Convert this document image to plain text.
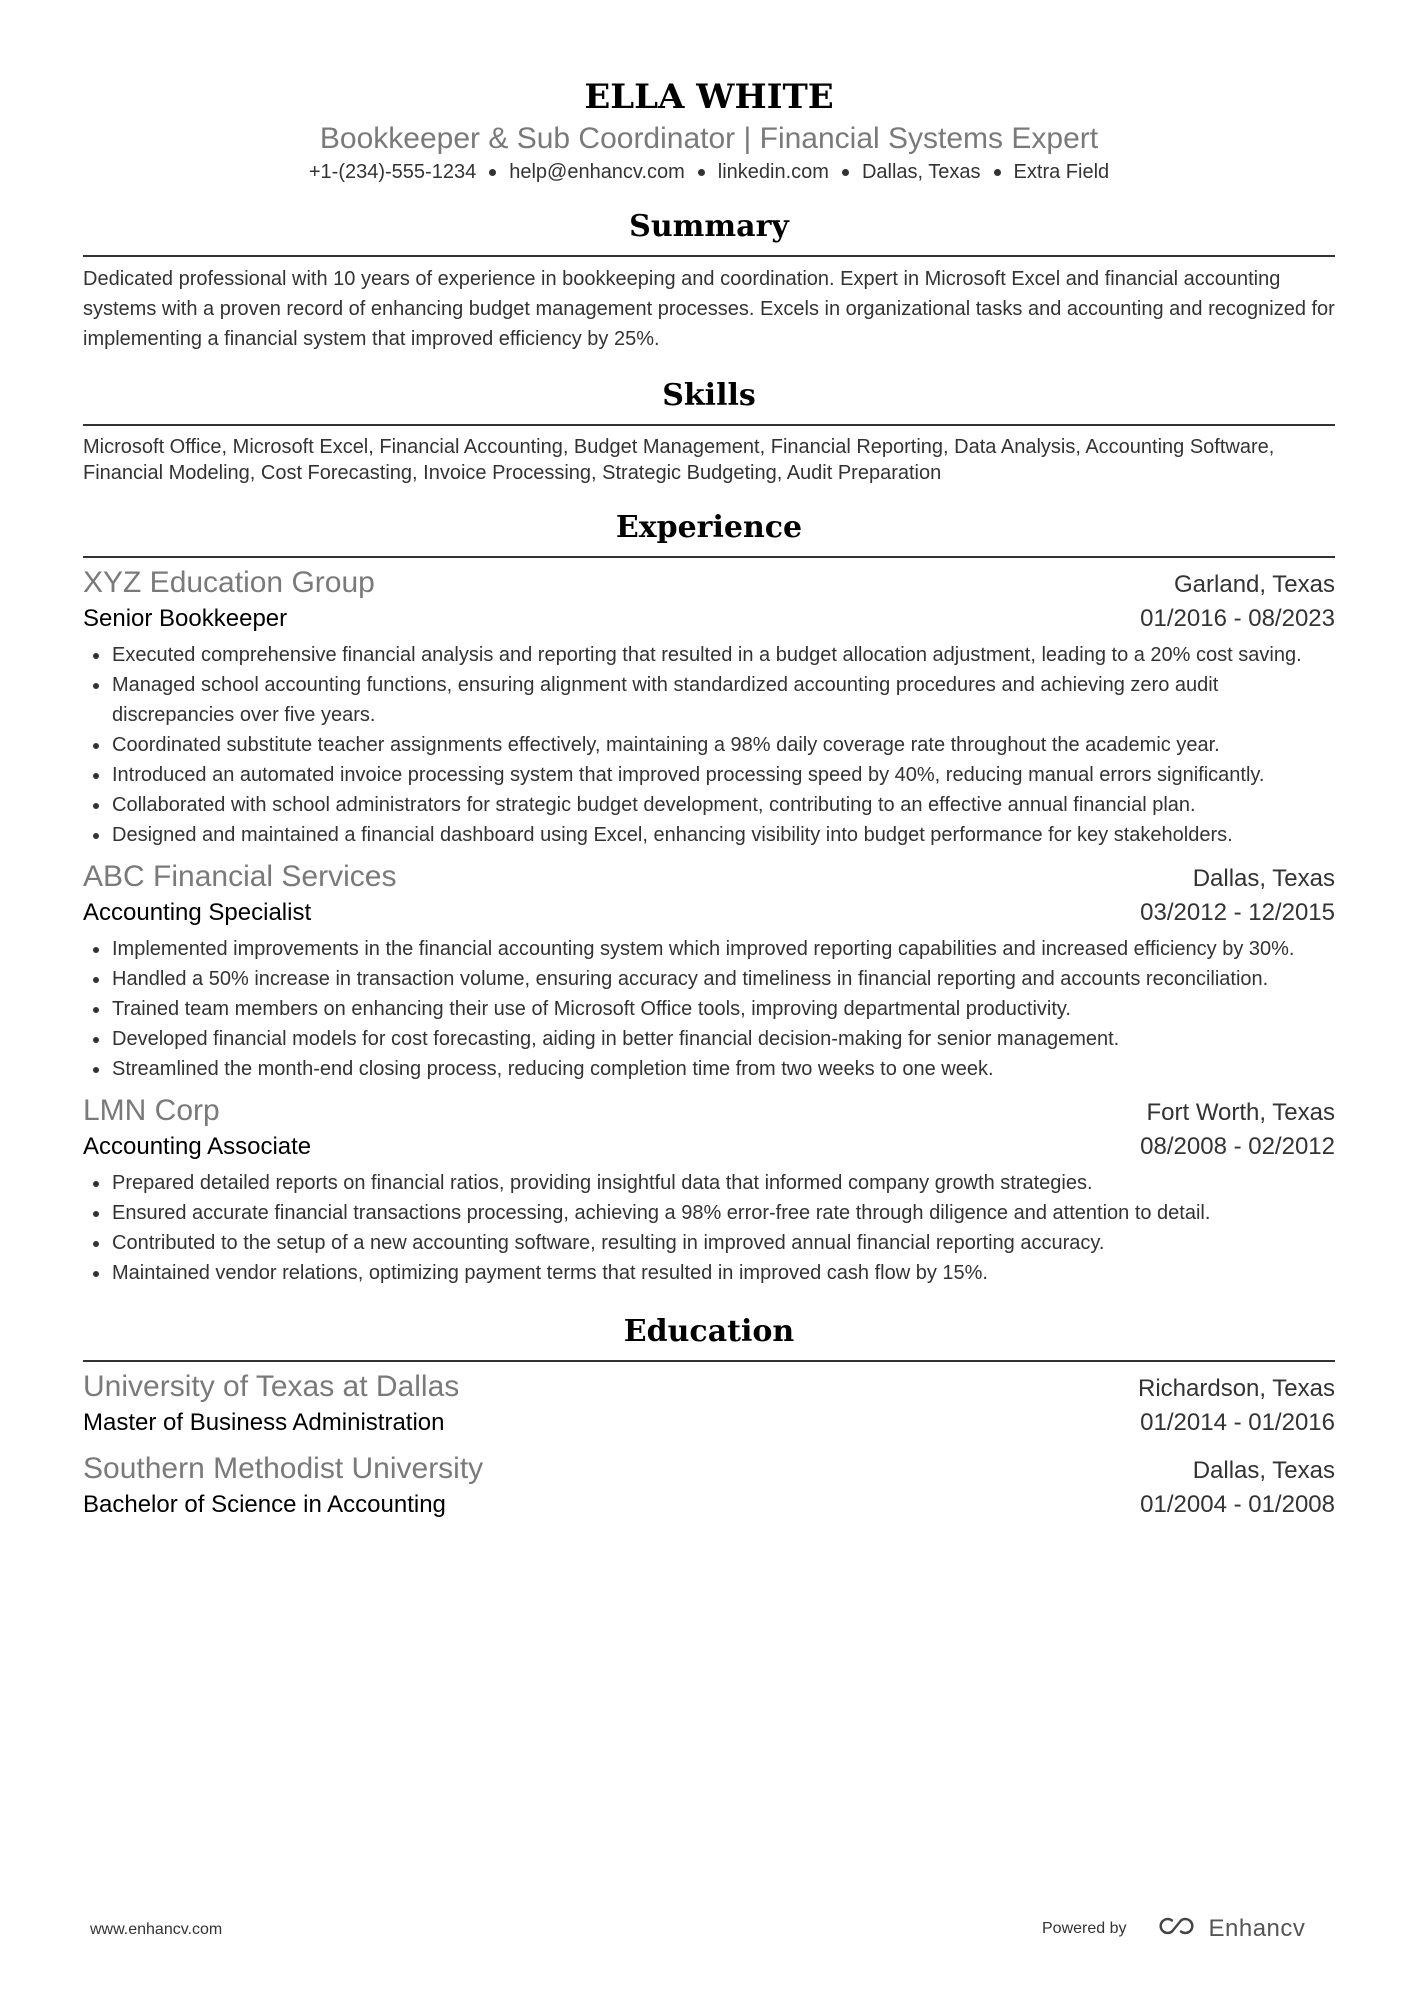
ELLA WHITE
Bookkeeper & Sub Coordinator | Financial Systems Expert
+1-(234)-555-1234 help@enhancv.com linkedin.com Dallas, Texas Extra Field
Summary
Dedicated professional with 10 years of experience in bookkeeping and coordination. Expert in Microsoft Excel and financial accounting systems with a proven record of enhancing budget management processes. Excels in organizational tasks and accounting and recognized for implementing a financial system that improved efficiency by 25%.
Skills
Microsoft Office, Microsoft Excel, Financial Accounting, Budget Management, Financial Reporting, Data Analysis, Accounting Software, Financial Modeling, Cost Forecasting, Invoice Processing, Strategic Budgeting, Audit Preparation
Experience
XYZ Education Group	Garland, Texas
Senior Bookkeeper	01/2016 - 08/2023
Executed comprehensive financial analysis and reporting that resulted in a budget allocation adjustment, leading to a 20% cost saving.
Managed school accounting functions, ensuring alignment with standardized accounting procedures and achieving zero audit discrepancies over five years.
Coordinated substitute teacher assignments effectively, maintaining a 98% daily coverage rate throughout the academic year.
Introduced an automated invoice processing system that improved processing speed by 40%, reducing manual errors significantly.
Collaborated with school administrators for strategic budget development, contributing to an effective annual financial plan.
Designed and maintained a financial dashboard using Excel, enhancing visibility into budget performance for key stakeholders.
ABC Financial Services	Dallas, Texas
Accounting Specialist	03/2012 - 12/2015
Implemented improvements in the financial accounting system which improved reporting capabilities and increased efficiency by 30%.
Handled a 50% increase in transaction volume, ensuring accuracy and timeliness in financial reporting and accounts reconciliation.
Trained team members on enhancing their use of Microsoft Office tools, improving departmental productivity.
Developed financial models for cost forecasting, aiding in better financial decision-making for senior management.
Streamlined the month-end closing process, reducing completion time from two weeks to one week.
LMN Corp	Fort Worth, Texas
Accounting Associate	08/2008 - 02/2012
Prepared detailed reports on financial ratios, providing insightful data that informed company growth strategies.
Ensured accurate financial transactions processing, achieving a 98% error-free rate through diligence and attention to detail.
Contributed to the setup of a new accounting software, resulting in improved annual financial reporting accuracy.
Maintained vendor relations, optimizing payment terms that resulted in improved cash flow by 15%.
Education
University of Texas at Dallas	Richardson, Texas
Master of Business Administration	01/2014 - 01/2016
Southern Methodist University	Dallas, Texas
Bachelor of Science in Accounting	01/2004 - 01/2008
www.enhancv.com	Powered by	Enhancv
